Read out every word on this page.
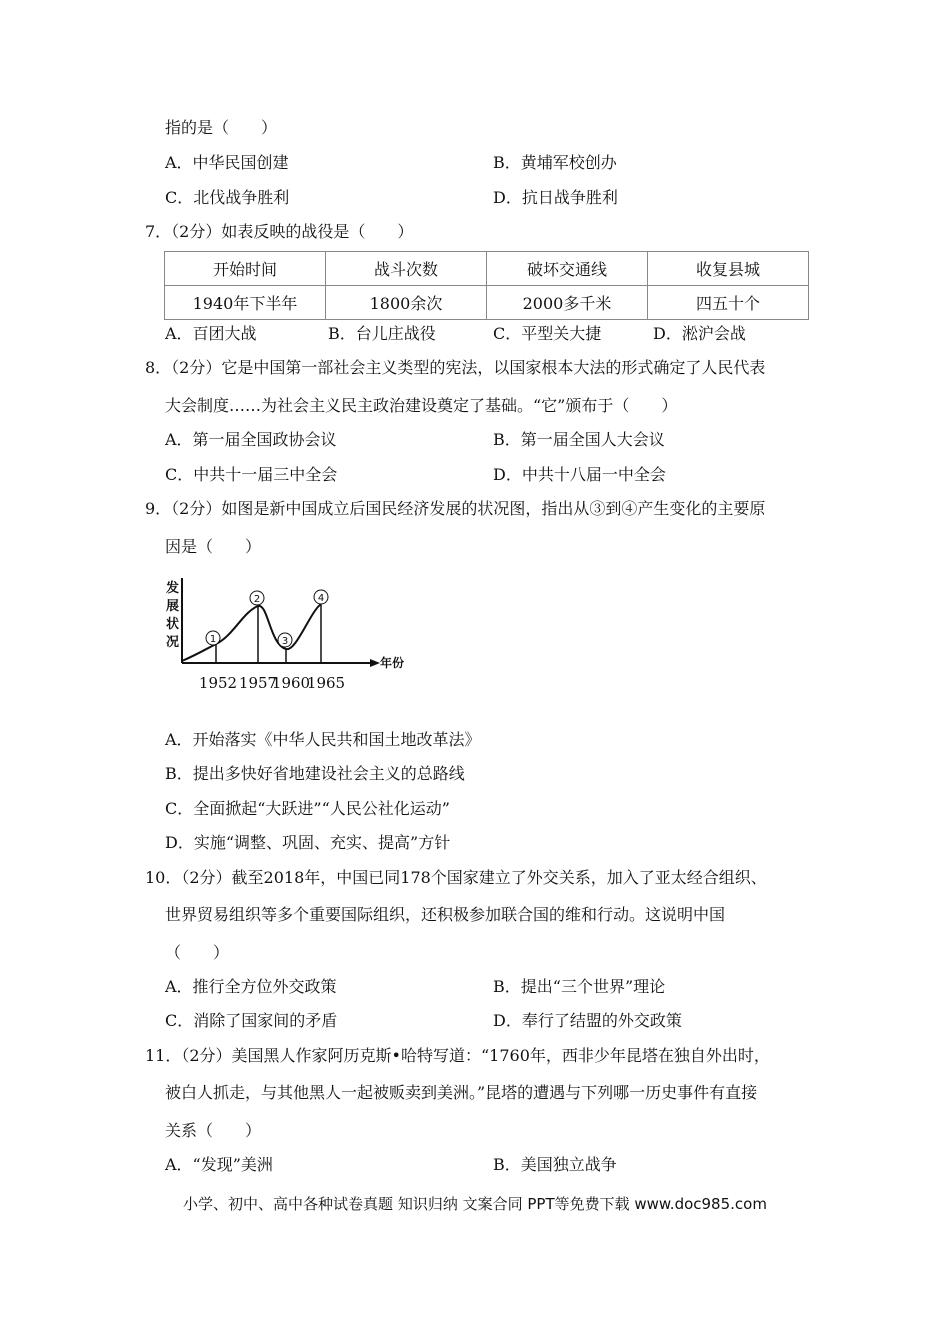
指的是（　　）
A．中华民国创建	B．黄埔军校创办
C．北伐战争胜利	D．抗日战争胜利
7．（2分）如表反映的战役是（　　）
开始时间	战斗次数	破坏交通线	收复县城
1940年下半年	1800余次	2000多千米	四五十个
A．百团大战	B．台儿庄战役	C．平型关大捷	D．淞沪会战
8．（2分）它是中国第一部社会主义类型的宪法，以国家根本大法的形式确定了人民代表
大会制度……为社会主义民主政治建设奠定了基础。“它”颁布于（　　）
A．第一届全国政协会议	B．第一届全国人大会议
C．中共十一届三中全会	D．中共十八届一中全会
9．（2分）如图是新中国成立后国民经济发展的状况图，指出从③到④产生变化的主要原
因是（　　）
发
展
状
况
年份
1
2
3
4
1952 1957
1960
1965
A．开始落实《中华人民共和国土地改革法》
B．提出多快好省地建设社会主义的总路线
C．全面掀起“大跃进”“人民公社化运动”
D．实施“调整、巩固、充实、提高”方针
10．（2分）截至2018年，中国已同178个国家建立了外交关系，加入了亚太经合组织、
世界贸易组织等多个重要国际组织，还积极参加联合国的维和行动。这说明中国
（　　）
A．推行全方位外交政策	B．提出“三个世界”理论
C．消除了国家间的矛盾	D．奉行了结盟的外交政策
11．（2分）美国黑人作家阿历克斯•哈特写道：“1760年，西非少年昆塔在独自外出时，
被白人抓走，与其他黑人一起被贩卖到美洲。”昆塔的遭遇与下列哪一历史事件有直接
关系（　　）
A．“发现”美洲	B．美国独立战争
小学、初中、高中各种试卷真题 知识归纳 文案合同 PPT等免费下载 www.doc985.com
